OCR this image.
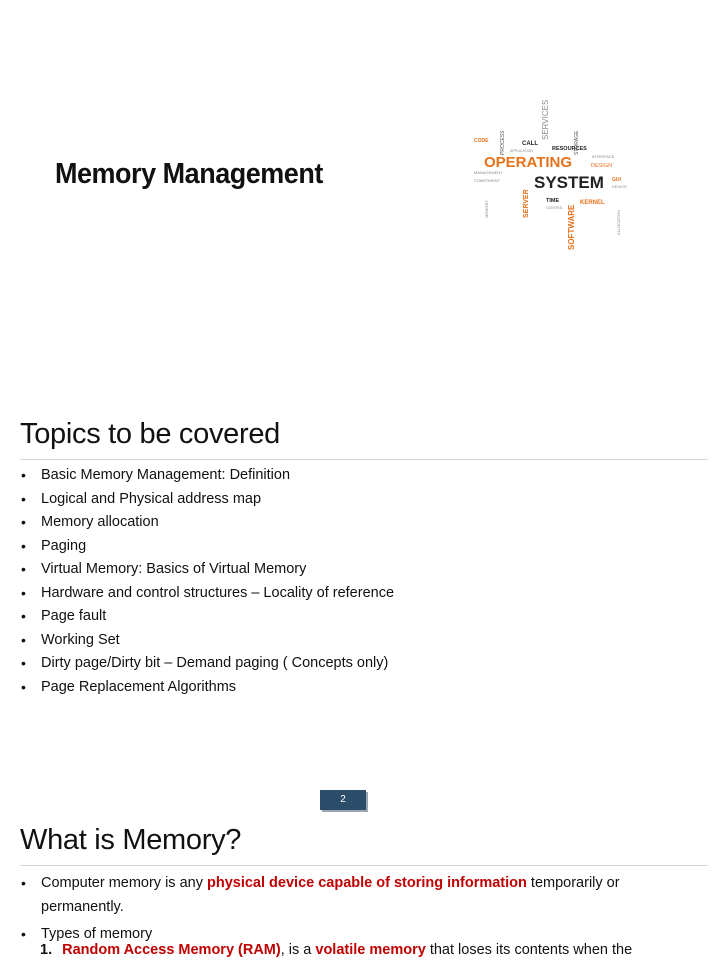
Memory Management
SERVICES
PROCESS	STORAGE
CODE	CALL
RESOURCES
APPLICATION
INTERFACE
OPERATING	DESIGN
MANAGEMENT
COMPONENT SYSTEM GUI
DEVICE
SERVER	TIME	KERNEL
SOFTWARE	ALLOCATION
MEMORY	CONTROL
Topics to be covered
• Basic Memory Management: Definition
• Logical and Physical address map
• Memory allocation
• Paging
• Virtual Memory: Basics of Virtual Memory
• Hardware and control structures – Locality of reference
• Page fault
• Working Set
• Dirty page/Dirty bit – Demand paging ( Concepts only)
• Page Replacement Algorithms
2
What is Memory?
• Computer memory is any physical device capable of storing information temporarily or
permanently.
• Types of memory
1. Random Access Memory (RAM), is a volatile memory that loses its contents when the
